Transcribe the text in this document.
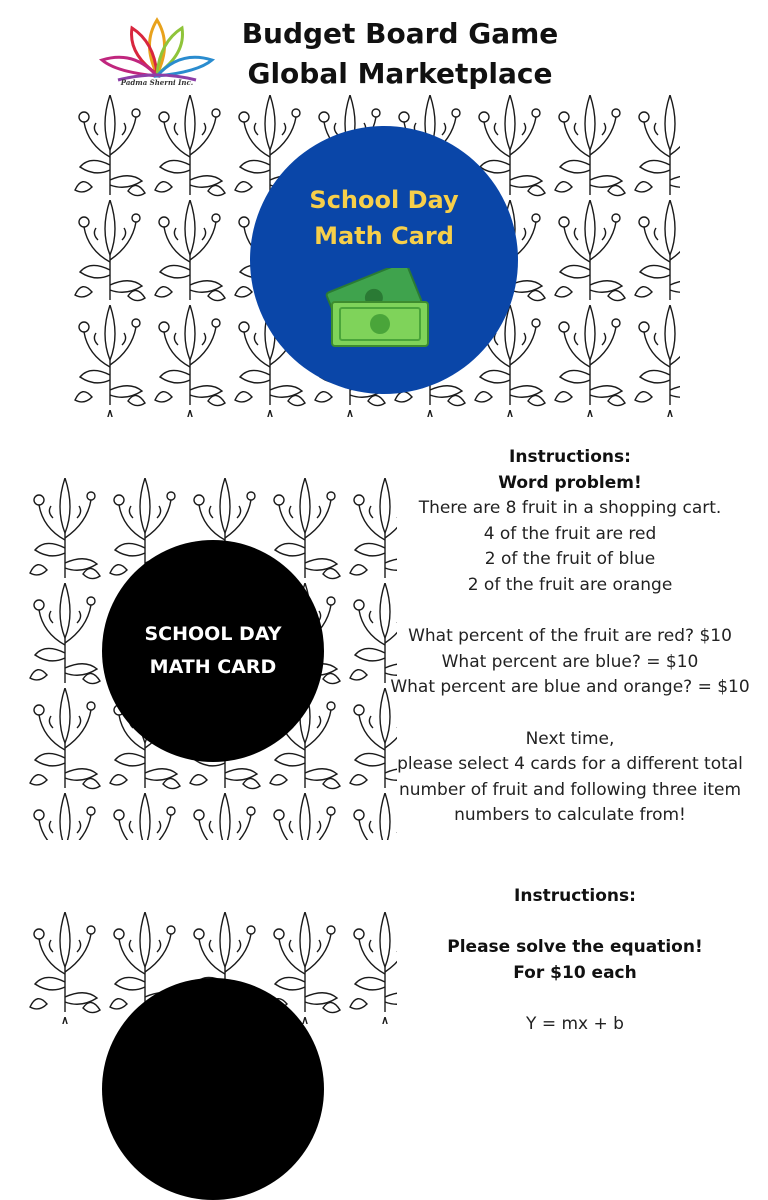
Padma Sherni Inc.
Budget Board Game
Global Marketplace
School Day
Math Card
SCHOOL DAY
MATH CARD
Instructions:
Word problem!
There are 8 fruit in a shopping cart.
4 of the fruit are red
2 of the fruit of blue
2 of the fruit are orange
What percent of the fruit are red? $10
What percent are blue? = $10
What percent are blue and orange? = $10
Next time,
please select 4 cards for a different total
number of fruit and following three item
numbers to calculate from!
Instructions:
Please solve the equation!
For $10 each
Y = mx + b
